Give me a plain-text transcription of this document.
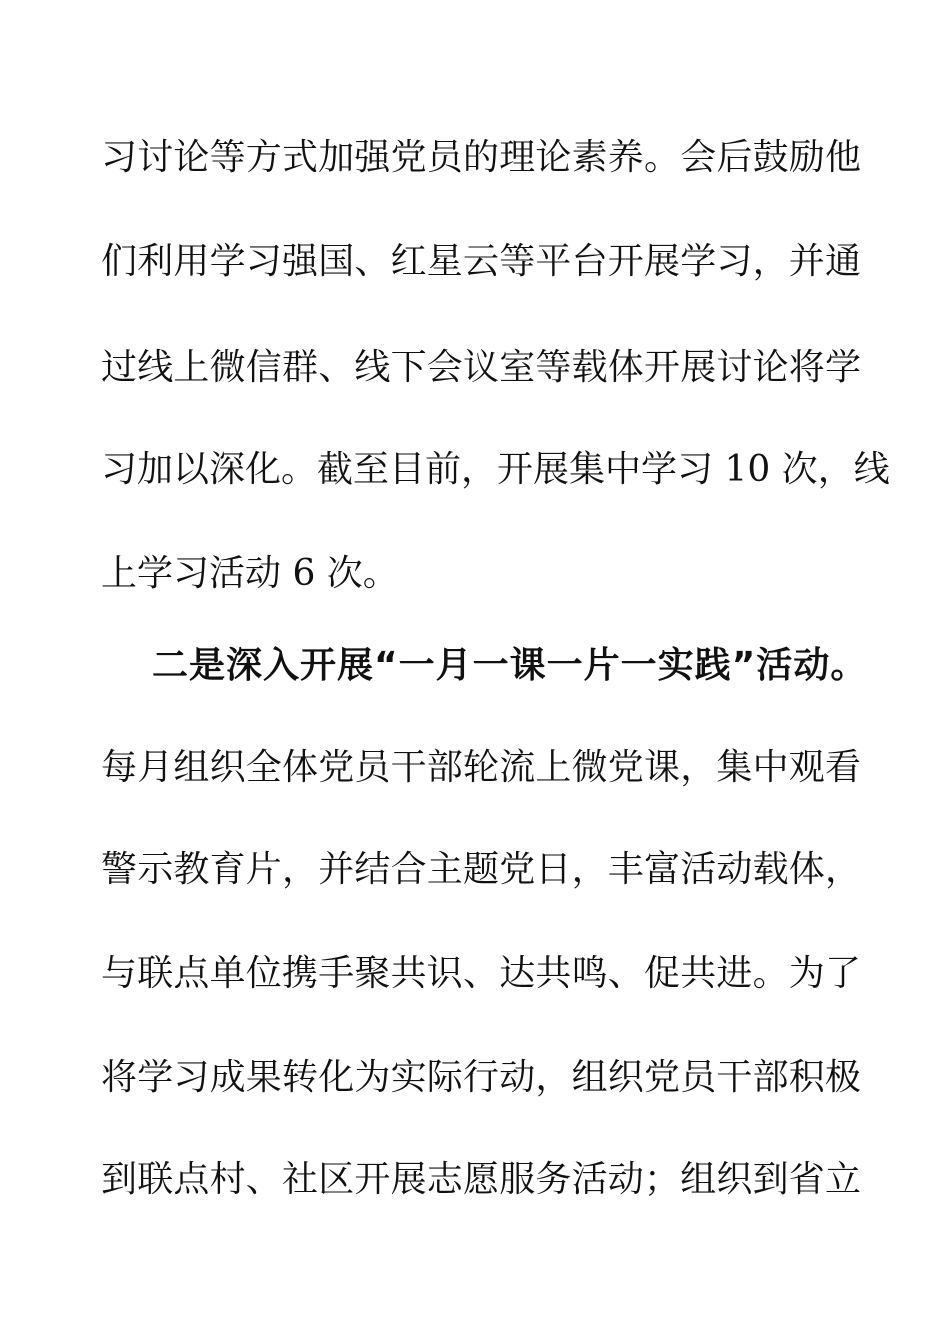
习讨论等方式加强党员的理论素养。会后鼓励他
们利用学习强国、红星云等平台开展学习，并通
过线上微信群、线下会议室等载体开展讨论将学
习加以深化。截至目前，开展集中学习 10 次，线
上学习活动 6 次。
二是深入开展“一月一课一片一实践”活动。
每月组织全体党员干部轮流上微党课，集中观看
警示教育片，并结合主题党日，丰富活动载体，
与联点单位携手聚共识、达共鸣、促共进。为了
将学习成果转化为实际行动，组织党员干部积极
到联点村、社区开展志愿服务活动；组织到省立
